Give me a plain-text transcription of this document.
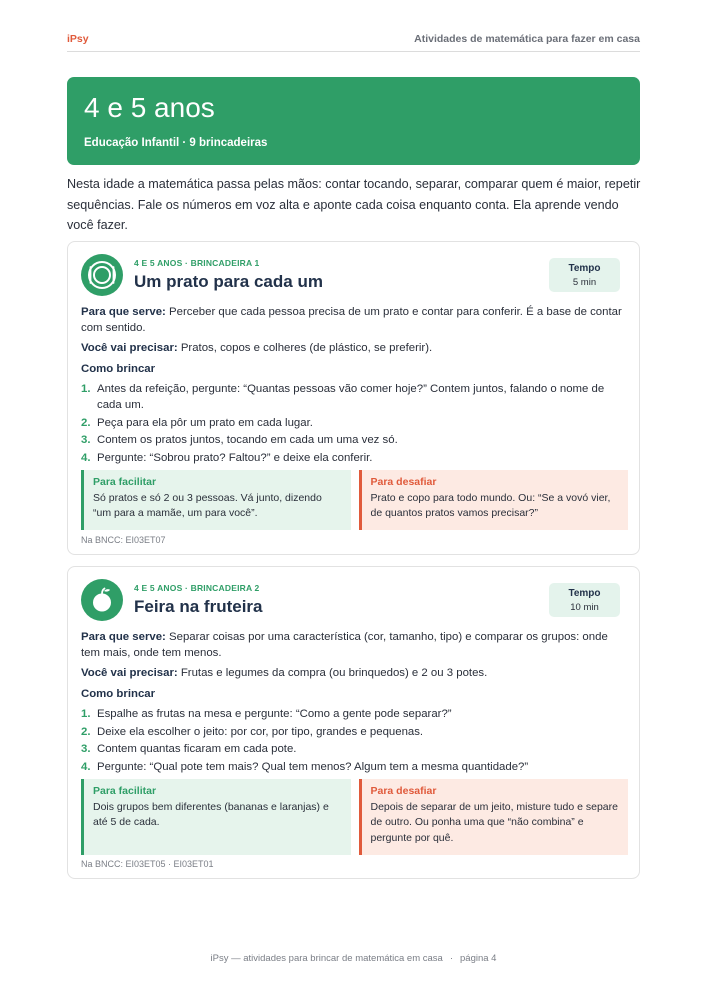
iPsy	Atividades de matemática para fazer em casa
4 e 5 anos
Educação Infantil · 9 brincadeiras

Nesta idade a matemática passa pelas mãos: contar tocando, separar, comparar quem é maior, repetir sequências. Fale os números em voz alta e aponte cada coisa enquanto conta. Ela aprende vendo você fazer.

4 E 5 ANOS · BRINCADEIRA 1
Um prato para cada um
Tempo
5 min

Para que serve: Perceber que cada pessoa precisa de um prato e contar para conferir. É a base de contar com sentido.

Você vai precisar: Pratos, copos e colheres (de plástico, se preferir).

Como brincar

1. Antes da refeição, pergunte: “Quantas pessoas vão comer hoje?” Contem juntos, falando o nome de cada um.
2. Peça para ela pôr um prato em cada lugar.
3. Contem os pratos juntos, tocando em cada um uma vez só.
4. Pergunte: “Sobrou prato? Faltou?” e deixe ela conferir.
Para facilitar
Só pratos e só 2 ou 3 pessoas. Vá junto, dizendo “um para a mamãe, um para você”.
Para desafiar
Prato e copo para todo mundo. Ou: “Se a vovó vier, de quantos pratos vamos precisar?”
Na BNCC: EI03ET07
4 E 5 ANOS · BRINCADEIRA 2
Feira na fruteira
Tempo
10 min

Para que serve: Separar coisas por uma característica (cor, tamanho, tipo) e comparar os grupos: onde tem mais, onde tem menos.

Você vai precisar: Frutas e legumes da compra (ou brinquedos) e 2 ou 3 potes.

Como brincar

1. Espalhe as frutas na mesa e pergunte: “Como a gente pode separar?”
2. Deixe ela escolher o jeito: por cor, por tipo, grandes e pequenas.
3. Contem quantas ficaram em cada pote.
4. Pergunte: “Qual pote tem mais? Qual tem menos? Algum tem a mesma quantidade?”
Para facilitar
Dois grupos bem diferentes (bananas e laranjas) e até 5 de cada.
Para desafiar
Depois de separar de um jeito, misture tudo e separe de outro. Ou ponha uma que “não combina” e pergunte por quê.
Na BNCC: EI03ET05 · EI03ET01
iPsy — atividades para brincar de matemática em casa · página 4
